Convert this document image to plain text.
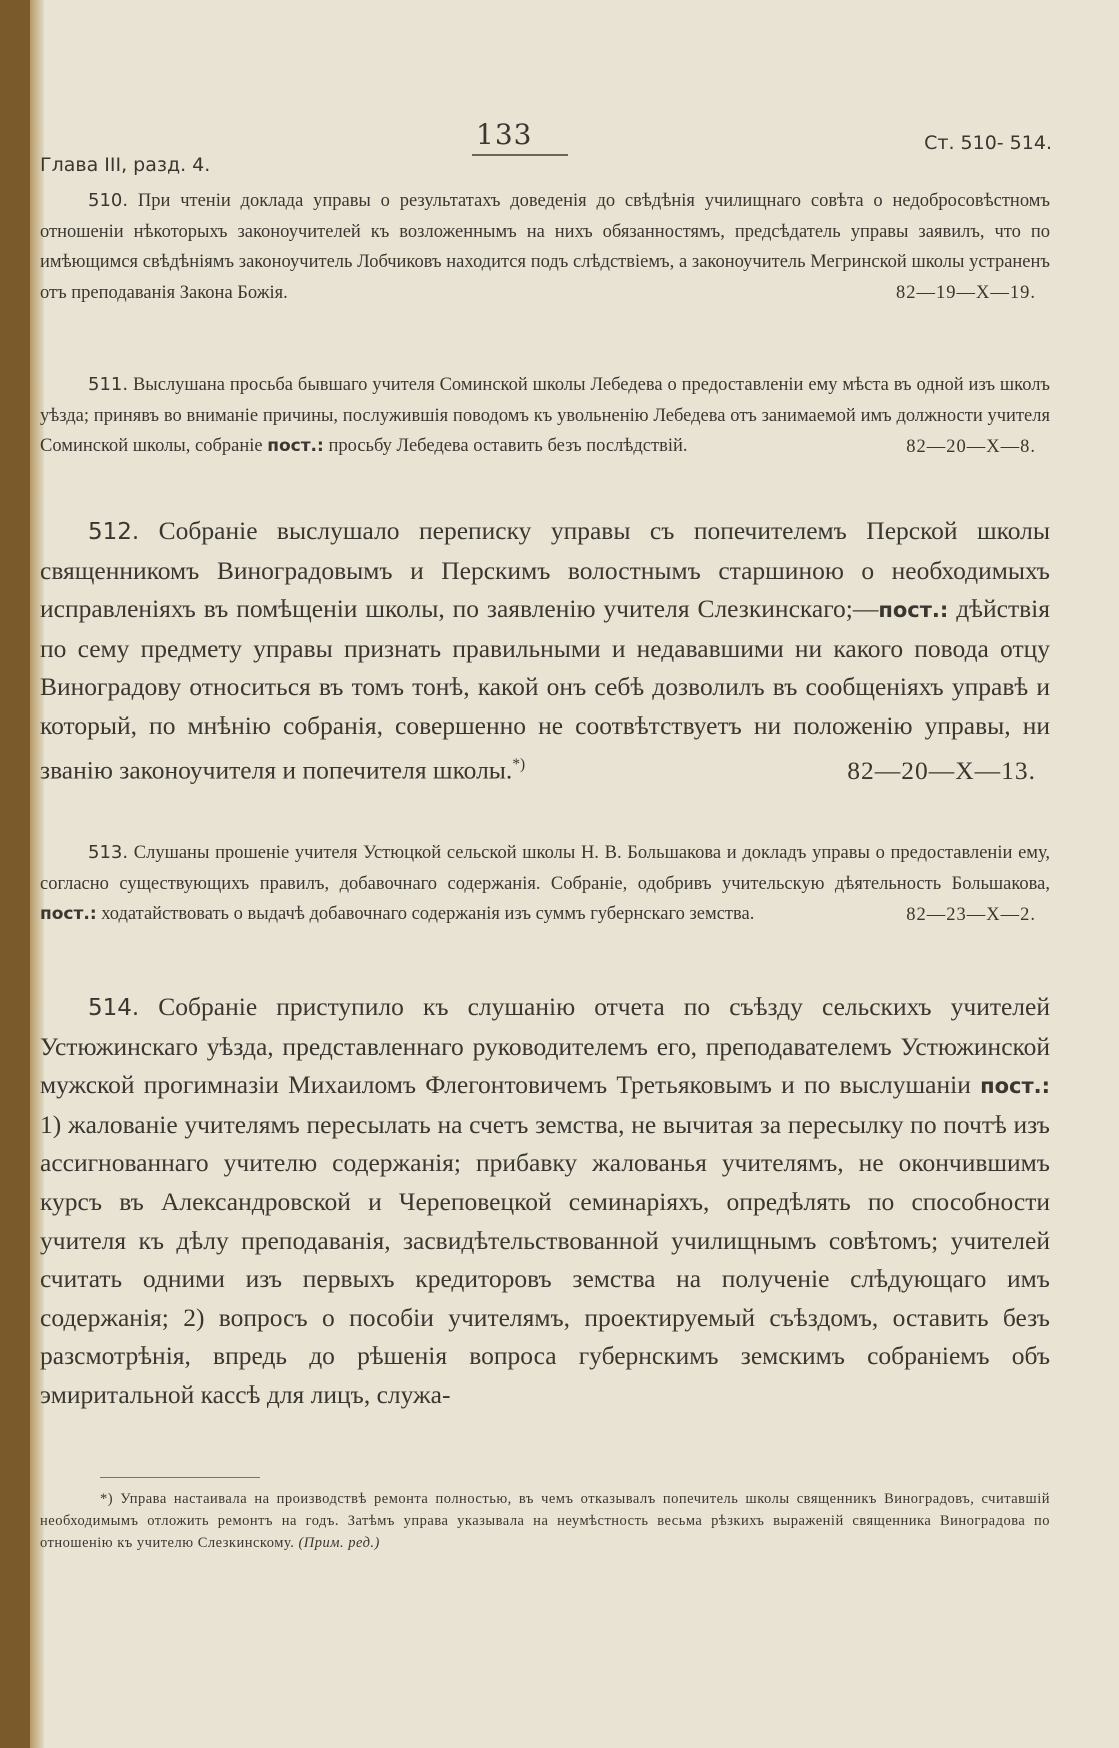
Глава III, разд. 4.
133	Ст. 510- 514.

510. При чтеніи доклада управы о результатахъ доведенія до свѣдѣнія училищнаго совѣта о недобросовѣстномъ отношеніи нѣкоторыхъ законоучителей къ возложеннымъ на нихъ обязанностямъ, предсѣдатель управы заявилъ, что по имѣющимся свѣдѣніямъ законоучитель Лобчиковъ находится подъ слѣдствіемъ, а законоучитель Мегринской школы устраненъ отъ преподаванія Закона Божія.	82—19—X—19.

511. Выслушана просьба бывшаго учителя Соминской школы Лебедева о предоставленіи ему мѣста въ одной изъ школъ уѣзда; принявъ во вниманіе причины, послужившія поводомъ къ увольненію Лебедева отъ занимаемой имъ должности учителя Соминской школы, собраніе пост.: просьбу Лебедева оставить безъ послѣдствій.	82—20—X—8.

512. Собраніе выслушало переписку управы съ попечителемъ Перской школы священникомъ Виноградовымъ и Перскимъ волостнымъ старшиною о необходимыхъ исправленіяхъ въ помѣщеніи школы, по заявленію учителя Слезкинскаго;—пост.: дѣйствія по сему предмету управы признать правильными и недававшими ни какого повода отцу Виноградову относиться въ томъ тонѣ, какой онъ себѣ дозволилъ въ сообщеніяхъ управѣ и который, по мнѣнію собранія, совершенно не соотвѣтствуетъ ни положенію управы, ни званію законоучителя и попечителя школы.*)	82—20—X—13.

513. Слушаны прошеніе учителя Устюцкой сельской школы Н. В. Большакова и докладъ управы о предоставленіи ему, согласно существующихъ правилъ, добавочнаго содержанія. Собраніе, одобривъ учительскую дѣятельность Большакова, пост.: ходатайствовать о выдачѣ добавочнаго содержанія изъ суммъ губернскаго земства.	82—23—X—2.

514. Собраніе приступило къ слушанію отчета по съѣзду сельскихъ учителей Устюжинскаго уѣзда, представленнаго руководителемъ его, преподавателемъ Устюжинской мужской прогимназіи Михаиломъ Флегонтовичемъ Третьяковымъ и по выслушаніи пост.: 1) жалованіе учителямъ пересылать на счетъ земства, не вычитая за пересылку по почтѣ изъ ассигнованнаго учителю содержанія; прибавку жалованья учителямъ, не окончившимъ курсъ въ Александровской и Череповецкой семинаріяхъ, опредѣлять по способности учителя къ дѣлу преподаванія, засвидѣтельствованной училищнымъ совѣтомъ; учителей считать одними изъ первыхъ кредиторовъ земства на полученіе слѣдующаго имъ содержанія; 2) вопросъ о пособіи учителямъ, проектируемый съѣздомъ, оставить безъ разсмотрѣнія, впредь до рѣшенія вопроса губернскимъ земскимъ собраніемъ объ эмиритальной кассѣ для лицъ, служа-

*) Управа настаивала на производствѣ ремонта полностью, въ чемъ отказывалъ попечитель школы священникъ Виноградовъ, считавшій необходимымъ отложить ремонтъ на годъ. Затѣмъ управа указывала на неумѣстность весьма рѣзкихъ выраженій священника Виноградова по отношенію къ учителю Слезкинскому. (Прим. ред.)
